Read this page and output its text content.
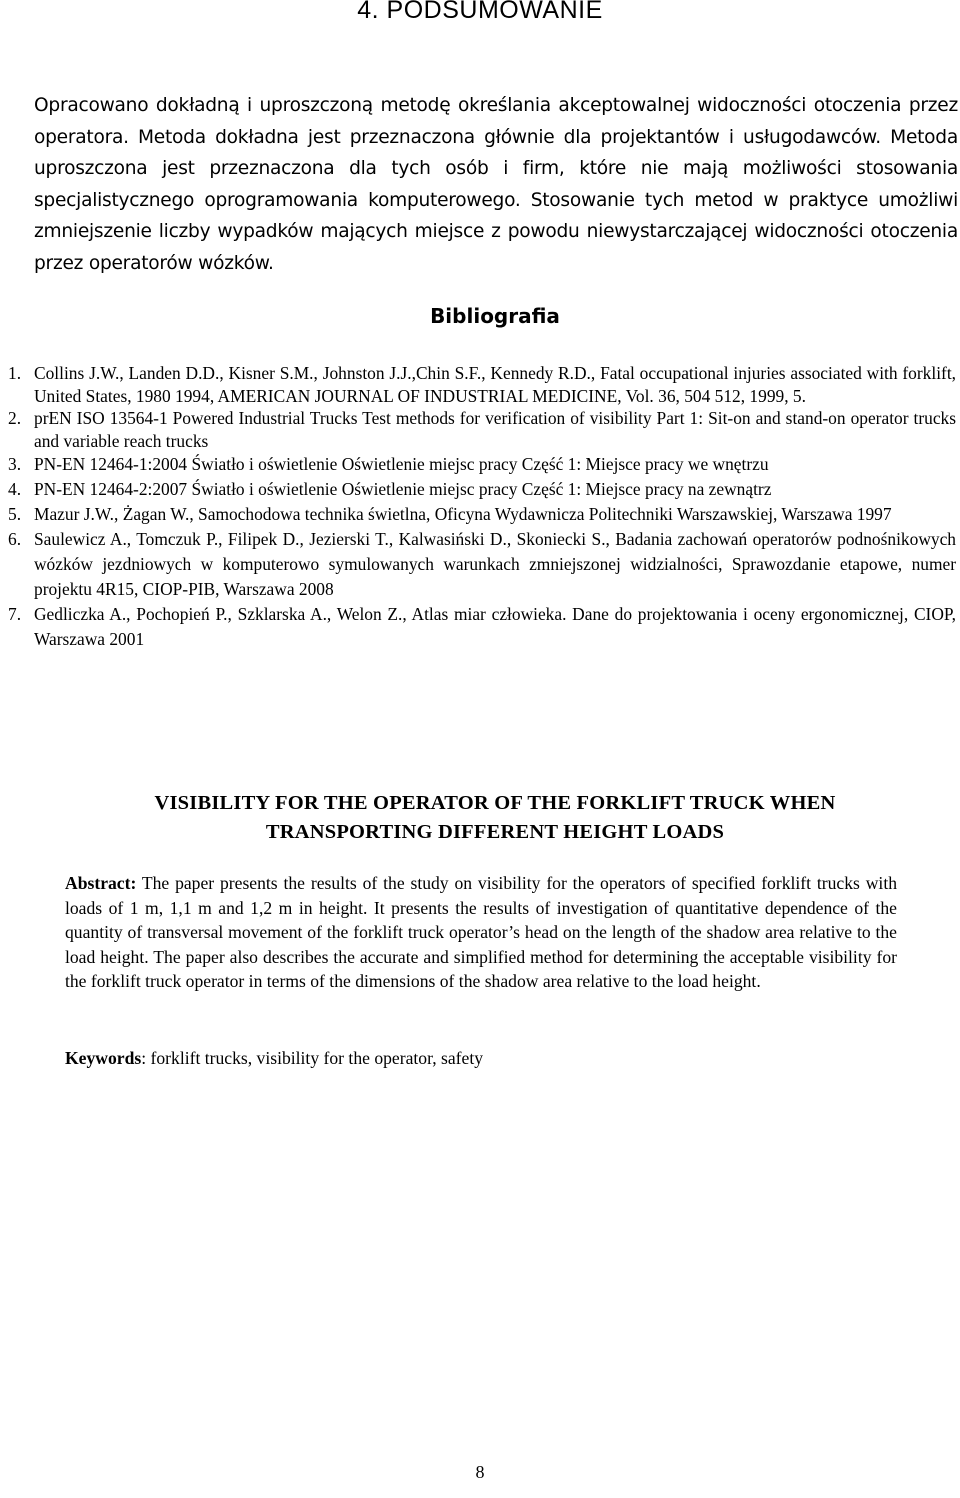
4. PODSUMOWANIE

Opracowano dokładną i uproszczoną metodę określania akceptowalnej widoczności otoczenia przez operatora. Metoda dokładna jest przeznaczona głównie dla projektantów i usługodawców. Metoda uproszczona jest przeznaczona dla tych osób i firm, które nie mają możliwości stosowania specjalistycznego oprogramowania komputerowego. Stosowanie tych metod w praktyce umożliwi zmniejszenie liczby wypadków mających miejsce z powodu niewystarczającej widoczności otoczenia przez operatorów wózków.

Bibliografia
1. Collins J.W., Landen D.D., Kisner S.M., Johnston J.J.,Chin S.F., Kennedy R.D., Fatal occupational injuries associated with forklift, United States, 1980 1994, AMERICAN JOURNAL OF INDUSTRIAL MEDICINE, Vol. 36, 504 512, 1999, 5.
2. prEN ISO 13564-1 Powered Industrial Trucks Test methods for verification of visibility Part 1: Sit-on and stand-on operator trucks and variable reach trucks
3. PN-EN 12464-1:2004 Światło i oświetlenie Oświetlenie miejsc pracy Część 1: Miejsce pracy we wnętrzu
4. PN-EN 12464-2:2007 Światło i oświetlenie Oświetlenie miejsc pracy Część 1: Miejsce pracy na zewnątrz
5. Mazur J.W., Żagan W., Samochodowa technika świetlna, Oficyna Wydawnicza Politechniki Warszawskiej, Warszawa 1997
6. Saulewicz A., Tomczuk P., Filipek D., Jezierski T., Kalwasiński D., Skoniecki S., Badania zachowań operatorów podnośnikowych wózków jezdniowych w komputerowo symulowanych warunkach zmniejszonej widzialności, Sprawozdanie etapowe, numer projektu 4R15, CIOP-PIB, Warszawa 2008
7. Gedliczka A., Pochopień P., Szklarska A., Welon Z., Atlas miar człowieka. Dane do projektowania i oceny ergonomicznej, CIOP, Warszawa 2001
VISIBILITY FOR THE OPERATOR OF THE FORKLIFT TRUCK WHEN
TRANSPORTING DIFFERENT HEIGHT LOADS

Abstract: The paper presents the results of the study on visibility for the operators of specified forklift trucks with loads of 1 m, 1,1 m and 1,2 m in height. It presents the results of investigation of quantitative dependence of the quantity of transversal movement of the forklift truck operator’s head on the length of the shadow area relative to the load height. The paper also describes the accurate and simplified method for determining the acceptable visibility for the forklift truck operator in terms of the dimensions of the shadow area relative to the load height.

Keywords: forklift trucks, visibility for the operator, safety

8
